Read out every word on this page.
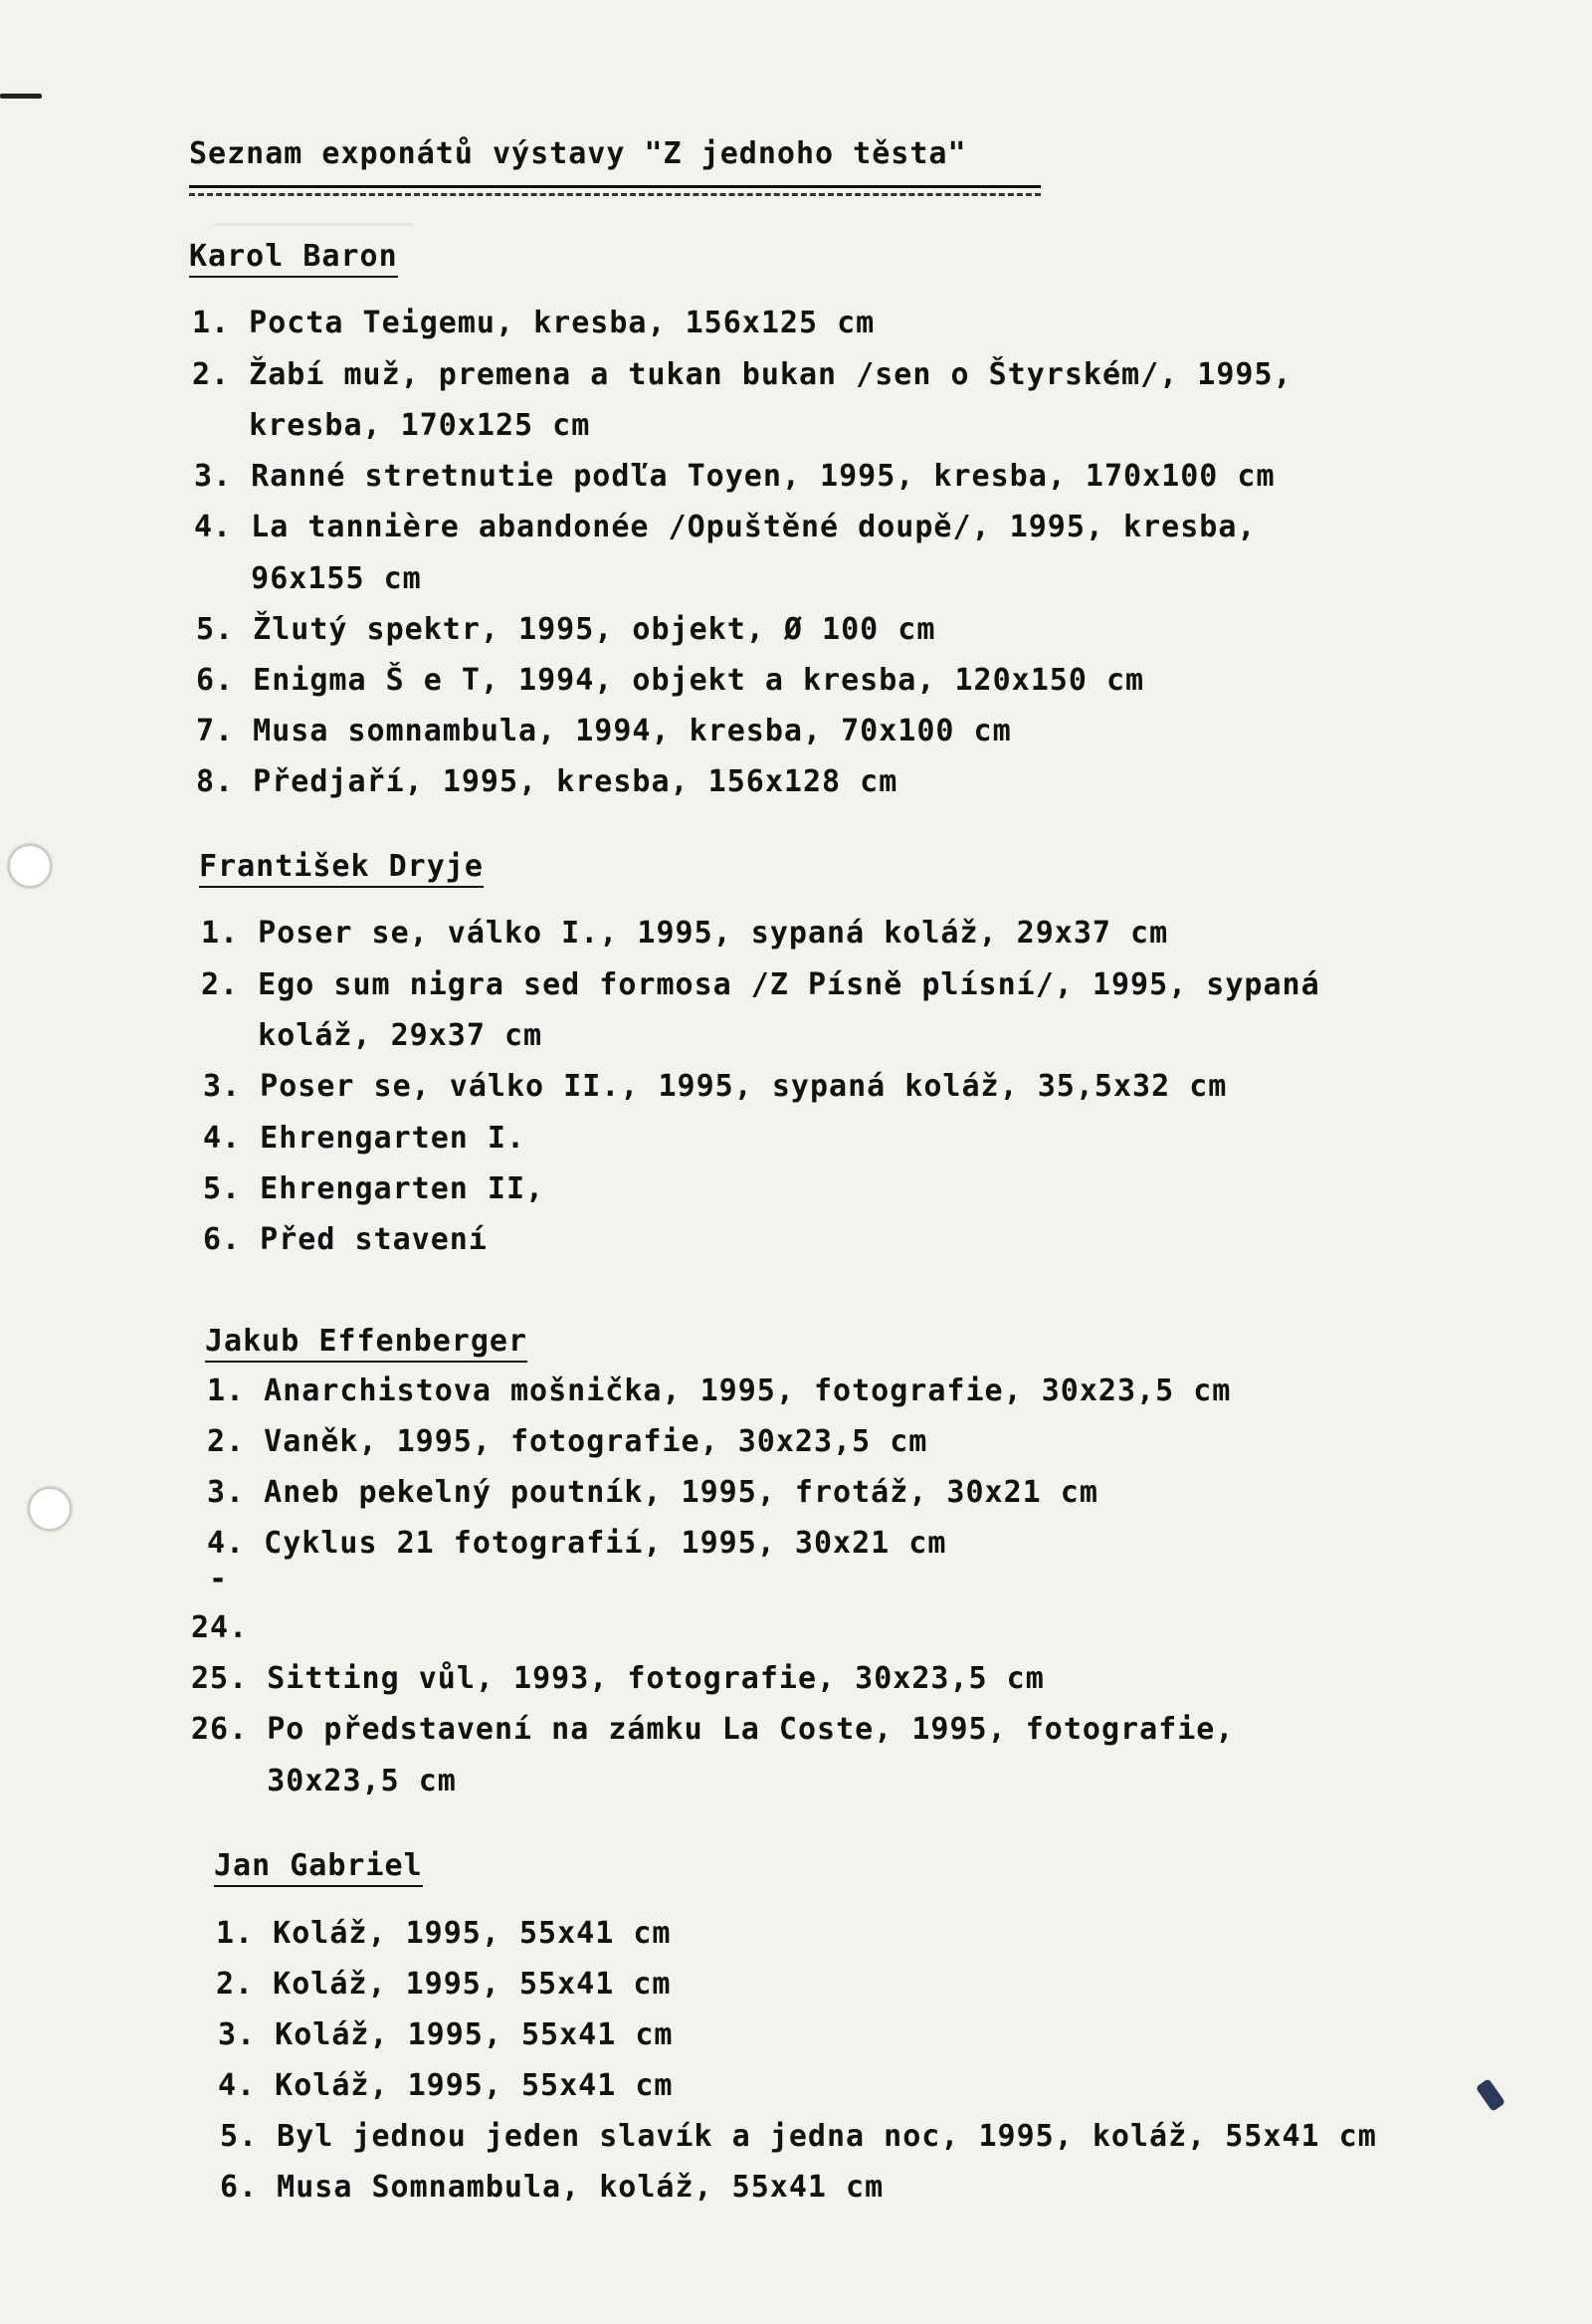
Seznam exponátů výstavy "Z jednoho těsta"
Karol Baron
1. Pocta Teigemu, kresba, 156x125 cm
2. Žabí muž, premena a tukan bukan /sen o Štyrském/, 1995,
kresba, 170x125 cm
3. Ranné stretnutie podľa Toyen, 1995, kresba, 170x100 cm
4. La tannière abandonée /Opuštěné doupě/, 1995, kresba,
96x155 cm
5. Žlutý spektr, 1995, objekt, Ø 100 cm
6. Enigma Š e T, 1994, objekt a kresba, 120x150 cm
7. Musa somnambula, 1994, kresba, 70x100 cm
8. Předjaří, 1995, kresba, 156x128 cm
František Dryje
1. Poser se, válko I., 1995, sypaná koláž, 29x37 cm
2. Ego sum nigra sed formosa /Z Písně plísní/, 1995, sypaná
koláž, 29x37 cm
3. Poser se, válko II., 1995, sypaná koláž, 35,5x32 cm
4. Ehrengarten I.
5. Ehrengarten II,
6. Před stavení
Jakub Effenberger
1. Anarchistova mošnička, 1995, fotografie, 30x23,5 cm
2. Vaněk, 1995, fotografie, 30x23,5 cm
3. Aneb pekelný poutník, 1995, frotáž, 30x21 cm
4. Cyklus 21 fotografií, 1995, 30x21 cm
-
24.
25. Sitting vůl, 1993, fotografie, 30x23,5 cm
26. Po představení na zámku La Coste, 1995, fotografie,
30x23,5 cm
Jan Gabriel
1. Koláž, 1995, 55x41 cm
2. Koláž, 1995, 55x41 cm
3. Koláž, 1995, 55x41 cm
4. Koláž, 1995, 55x41 cm
5. Byl jednou jeden slavík a jedna noc, 1995, koláž, 55x41 cm
6. Musa Somnambula, koláž, 55x41 cm
